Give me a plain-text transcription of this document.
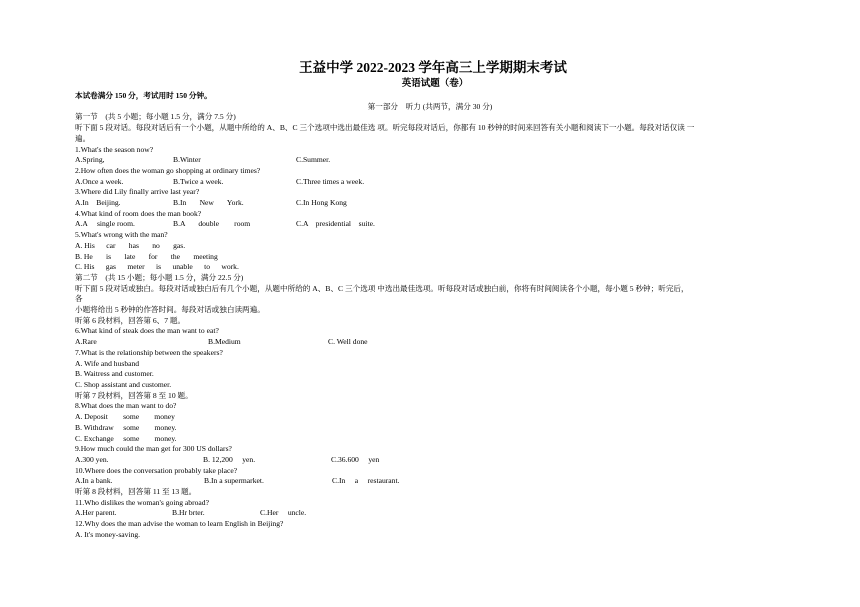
王益中学 2022-2023 学年高三上学期期末考试
英语试题（卷）
本试卷满分 150 分，考试用时 150 分钟。
第一部分　听力 (共两节，满分 30 分)
第一节　(共 5 小题；每小题 1.5 分，满分 7.5 分)
听下面 5 段对话。每段对话后有一个小题，从题中所给的 A、B、C 三个选项中选出最佳选 项。听完每段对话后，你都有 10 秒钟的时间来回答有关小题和阅读下一小题。每段对话仅读 一
遍。
1.What's the season now?
A.Spring,	B.Winter	C.Summer.
2.How often does the woman go shopping at ordinary times?
A.Once a week.	B.Twice a week.	C.Three times a week.
3.Where did Lily finally arrive last year?
A.In    Beijing.	B.In       New       York.	C.In Hong Kong
4.What kind of room does the man book?
A.A     single room.	B.A       double        room	C.A    presidential    suite.
5.What's wrong with the man?
A. His      car       has       no       gas.
B. He       is       late       for       the       meeting
C. His      gas      meter      is      unable      to      work.
第二节　(共 15 小题；每小题 1.5 分，满分 22.5 分)
听下面 5 段对话或独白。每段对话或独白后有几个小题，从题中所给的 A、B、C 三个选项 中选出最佳选项。听每段对话或独白前，你将有时间阅读各个小题，每小题 5 秒钟；听完后，
各
小题将给出 5 秒钟的作答时间。每段对话或独白读两遍。
听第 6 段材料，回答第 6、7 题。
6.What kind of steak does the man want to eat?
A.Rare	B.Medium	C. Well done
7.What is the relationship between the speakers?
A. Wife and husband
B. Waitress and customer.
C. Shop assistant and customer.
听第 7 段材料，回答第 8 至 10 题。
8.What does the man want to do?
A. Deposit        some        money
B. Withdraw     some        money.
C. Exchange     some        money.
9.How much could the man get for 300 US dollars?
A.300 yen.	B. 12,200     yen.	C.36.600     yen
10.Where does the conversation probably take place?
A.In a bank.	B.In a supermarket.	C.In     a     restaurant.
听第 8 段材料，回答第 11 至 13 题。
11.Who dislikes the woman's going abroad?
A.Her parent.	B.Hr brter.	C.Her     uncle.
12.Why does the man advise the woman to learn English in Beijing?
A. It's money-saving.
